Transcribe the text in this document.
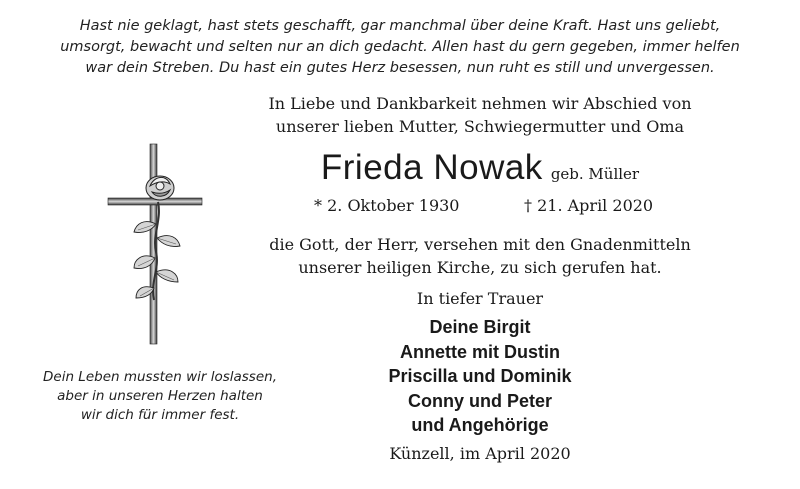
Hast nie geklagt, hast stets geschafft, gar manchmal über deine Kraft. Hast uns geliebt,
umsorgt, bewacht und selten nur an dich gedacht. Allen hast du gern gegeben, immer helfen
war dein Streben. Du hast ein gutes Herz besessen, nun ruht es still und unvergessen.
In Liebe und Dankbarkeit nehmen wir Abschied von
unserer lieben Mutter, Schwiegermutter und Oma
Frieda Nowak geb. Müller
* 2. Oktober 1930	† 21. April 2020
die Gott, der Herr, versehen mit den Gnadenmitteln
unserer heiligen Kirche, zu sich gerufen hat.
In tiefer Trauer
Deine Birgit
Annette mit Dustin
Priscilla und Dominik
Conny und Peter
und Angehörige
Künzell, im April 2020
Dein Leben mussten wir loslassen,
aber in unseren Herzen halten
wir dich für immer fest.
